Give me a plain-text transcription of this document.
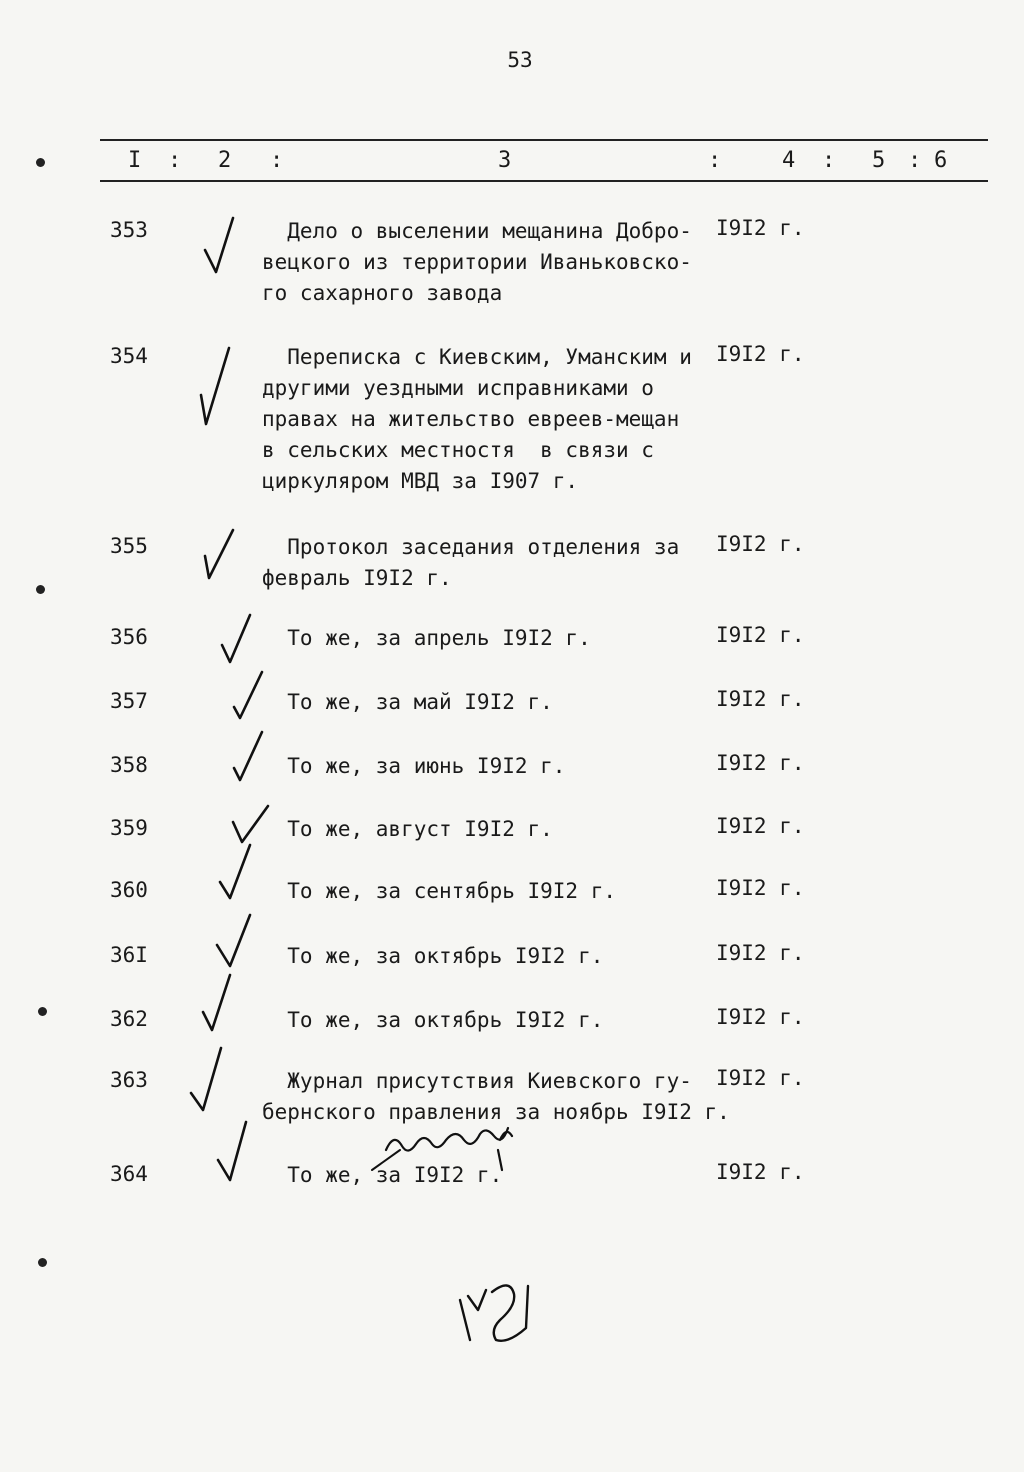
53
I : 2 :	3	:	4 : 5 : 6
353	Дело о выселении мещанина Добро-
вецкого из территории Иваньковско-
го сахарного завода
I9I2 г.
354	Переписка с Киевским, Уманским и
другими уездными исправниками о
правах на жительство евреев-мещан
в сельских местностя  в связи с
циркуляром МВД за I907 г.
I9I2 г.
355	Протокол заседания отделения за
февраль I9I2 г.
I9I2 г.
356	То же, за апрель I9I2 г.	I9I2 г.
357	То же, за май I9I2 г.	I9I2 г.
358	То же, за июнь I9I2 г.	I9I2 г.
359	То же, август I9I2 г.	I9I2 г.
360	То же, за сентябрь I9I2 г.	I9I2 г.
36I	То же, за октябрь I9I2 г.	I9I2 г.
362	То же, за октябрь I9I2 г.	I9I2 г.
363	Журнал присутствия Киевского гу-
бернского правления за ноябрь I9I2 г.
I9I2 г.
364	То же, за I9I2 г.	I9I2 г.
